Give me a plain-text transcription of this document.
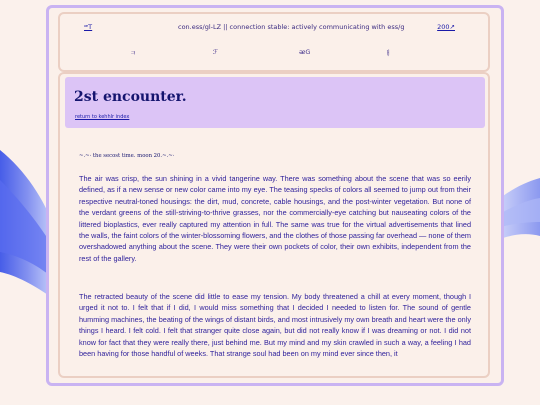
ꟹT	con.ess/gl-LZ || connection stable: actively communicating with ess/g	200↗
ㅋ	ℱ	ᴂG	ㅐ
2st encounter.
return to kehhlr index
~.~· the secost time. moon 20.~.~·

The air was crisp, the sun shining in a vivid tangerine way. There was something about the scene that was so eerily defined, as if a new sense or new color came into my eye. The teasing specks of colors all seemed to jump out from their respective neutral-toned housings: the dirt, mud, concrete, cable housings, and the post-winter vegetation. But none of the verdant greens of the still-striving-to-thrive grasses, nor the commercially-eye catching but nauseating colors of the littered bioplastics, ever really captured my attention in full. The same was true for the virtual advertisements that lined the walls, the faint colors of the winter-blossoming flowers, and the clothes of those passing far overhead — none of them overshadowed anything about the scene. They were their own pockets of color, their own exhibits, independent from the rest of the gallery.

The retracted beauty of the scene did little to ease my tension. My body threatened a chill at every moment, though I urged it not to. I felt that if I did, I would miss something that I decided I needed to listen for. The sound of gentle humming machines, the beating of the wings of distant birds, and most intrusively my own breath and heart were the only things I heard. I felt cold. I felt that stranger quite close again, but did not really know if I was dreaming or not. I did not know for fact that they were really there, just behind me. But my mind and my skin crawled in such a way, a feeling I had been having for those handful of weeks. That strange soul had been on my mind ever since then, it
